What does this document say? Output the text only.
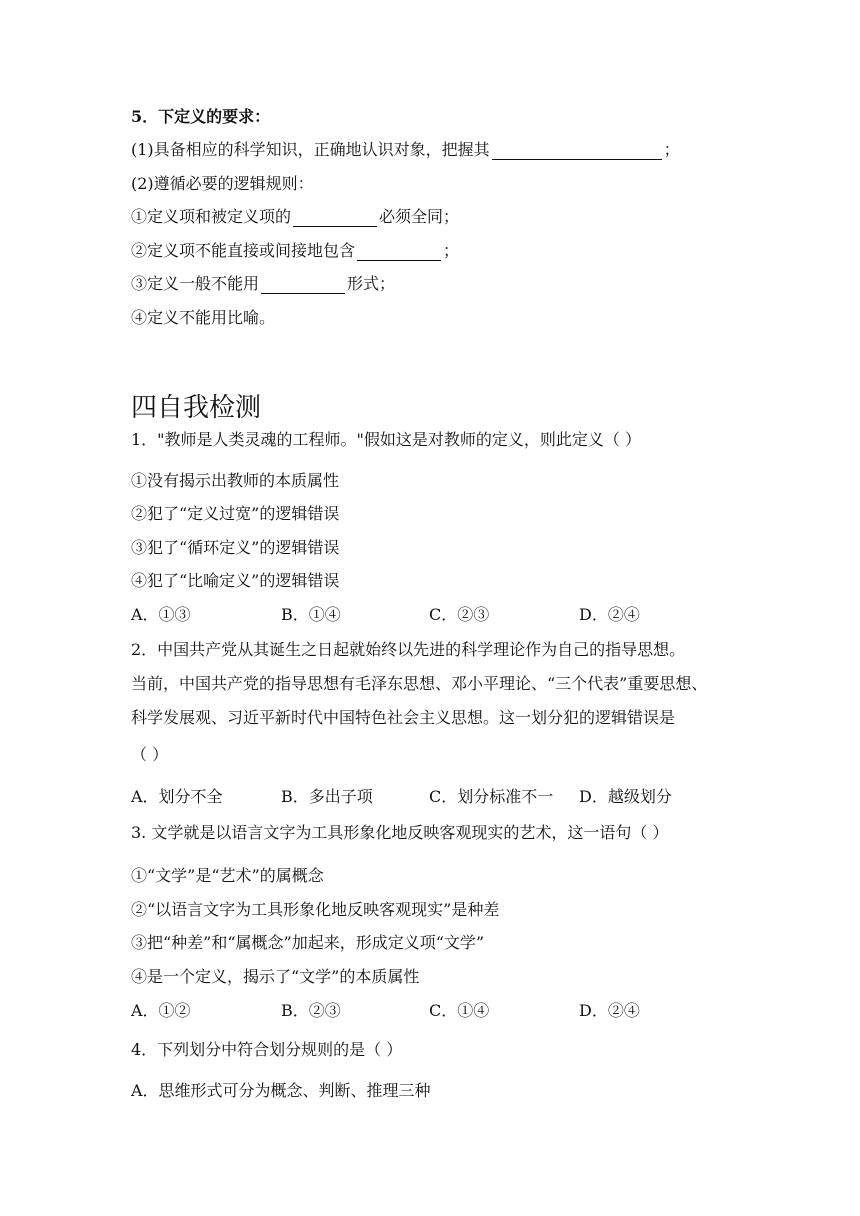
5．下定义的要求：
(1)具备相应的科学知识，正确地认识对象，把握其	；
(2)遵循必要的逻辑规则：
①定义项和被定义项的	必须全同；
②定义项不能直接或间接地包含	；
③定义一般不能用	形式；
④定义不能用比喻。
四自我检测
1．"教师是人类灵魂的工程师。"假如这是对教师的定义，则此定义（ ）
①没有揭示出教师的本质属性
②犯了“定义过宽”的逻辑错误
③犯了“循环定义”的逻辑错误
④犯了“比喻定义”的逻辑错误
A．①③	B．①④	C．②③	D．②④
2．中国共产党从其诞生之日起就始终以先进的科学理论作为自己的指导思想。
当前，中国共产党的指导思想有毛泽东思想、邓小平理论、“三个代表”重要思想、
科学发展观、习近平新时代中国特色社会主义思想。这一划分犯的逻辑错误是
（ ）
A．划分不全	B．多出子项	C．划分标准不一 D．越级划分
3. 文学就是以语言文字为工具形象化地反映客观现实的艺术，这一语句（ ）
①“文学”是“艺术”的属概念
②“以语言文字为工具形象化地反映客观现实”是种差
③把“种差”和“属概念”加起来，形成定义项“文学”
④是一个定义，揭示了“文学”的本质属性
A．①②	B．②③	C．①④	D．②④
4．下列划分中符合划分规则的是（ ）
A．思维形式可分为概念、判断、推理三种
